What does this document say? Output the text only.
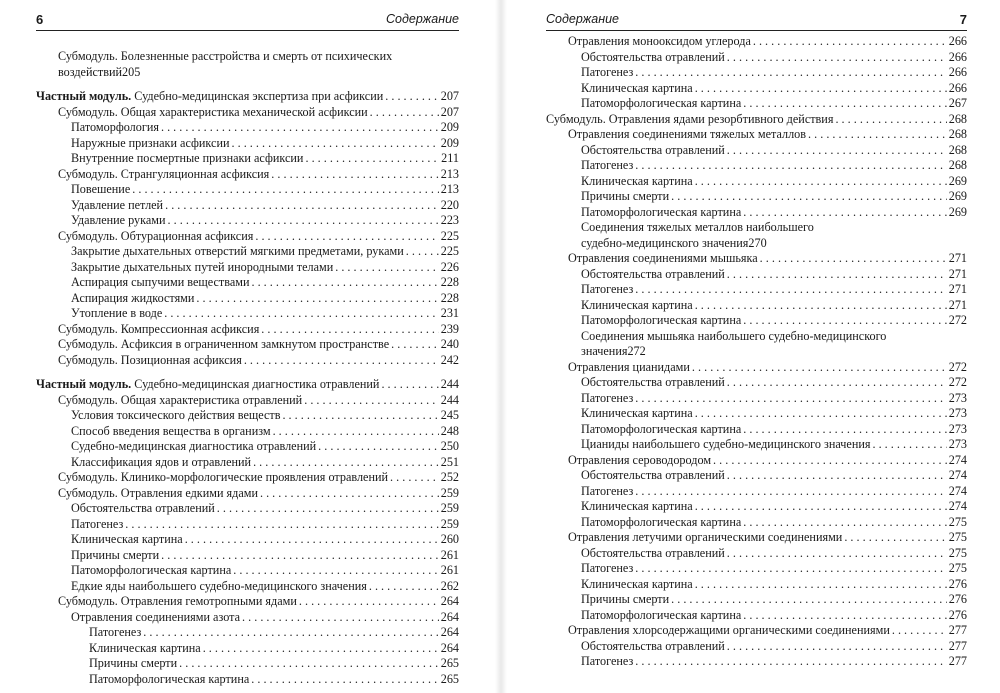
6	Содержание
Субмодуль. Болезненные расстройства и смерть от психических
воздействий 205
Частный модуль. Судебно-медицинская экспертиза при асфиксии . . .	207
Субмодуль. Общая характеристика механической асфиксии . . .	207
Патоморфология . . .	209
Наружные признаки асфиксии . . .	209
Внутренние посмертные признаки асфиксии . . .	211
Субмодуль. Странгуляционная асфиксия . . .	213
Повешение . . .	213
Удавление петлей . . .	220
Удавление руками . . .	223
Субмодуль. Обтурационная асфиксия . . .	225
Закрытие дыхательных отверстий мягкими предметами, руками . . .	225
Закрытие дыхательных путей инородными телами . . .	226
Аспирация сыпучими веществами . . .	228
Аспирация жидкостями . . .	228
Утопление в воде . . .	231
Субмодуль. Компрессионная асфиксия . . .	239
Субмодуль. Асфиксия в ограниченном замкнутом пространстве . . .	240
Субмодуль. Позиционная асфиксия . . .	242
Частный модуль. Судебно-медицинская диагностика отравлений . . .	244
Субмодуль. Общая характеристика отравлений . . .	244
Условия токсического действия веществ . . .	245
Способ введения вещества в организм . . .	248
Судебно-медицинская диагностика отравлений . . .	250
Классификация ядов и отравлений . . .	251
Субмодуль. Клинико-морфологические проявления отравлений . . .	252
Субмодуль. Отравления едкими ядами . . .	259
Обстоятельства отравлений . . .	259
Патогенез . . .	259
Клиническая картина . . .	260
Причины смерти . . .	261
Патоморфологическая картина . . .	261
Едкие яды наибольшего судебно-медицинского значения . . .	262
Субмодуль. Отравления гемотропными ядами . . .	264
Отравления соединениями азота . . .	264
Патогенез . . .	264
Клиническая картина . . .	264
Причины смерти . . .	265
Патоморфологическая картина . . .	265
Содержание	7
Отравления монооксидом углерода . . .	266
Обстоятельства отравлений . . .	266
Патогенез . . .	266
Клиническая картина . . .	266
Патоморфологическая картина . . .	267
Субмодуль. Отравления ядами резорбтивного действия . . .	268
Отравления соединениями тяжелых металлов . . .	268
Обстоятельства отравлений . . .	268
Патогенез . . .	268
Клиническая картина . . .	269
Причины смерти . . .	269
Патоморфологическая картина . . .	269
Соединения тяжелых металлов наибольшего
судебно-медицинского значения 270
Отравления соединениями мышьяка . . .	271
Обстоятельства отравлений . . .	271
Патогенез . . .	271
Клиническая картина . . .	271
Патоморфологическая картина . . .	272
Соединения мышьяка наибольшего судебно-медицинского
значения 272
Отравления цианидами . . .	272
Обстоятельства отравлений . . .	272
Патогенез . . .	273
Клиническая картина . . .	273
Патоморфологическая картина . . .	273
Цианиды наибольшего судебно-медицинского значения . . .	273
Отравления сероводородом . . .	274
Обстоятельства отравлений . . .	274
Патогенез . . .	274
Клиническая картина . . .	274
Патоморфологическая картина . . .	275
Отравления летучими органическими соединениями . . .	275
Обстоятельства отравлений . . .	275
Патогенез . . .	275
Клиническая картина . . .	276
Причины смерти . . .	276
Патоморфологическая картина . . .	276
Отравления хлорсодержащими органическими соединениями . . .	277
Обстоятельства отравлений . . .	277
Патогенез . . .	277
